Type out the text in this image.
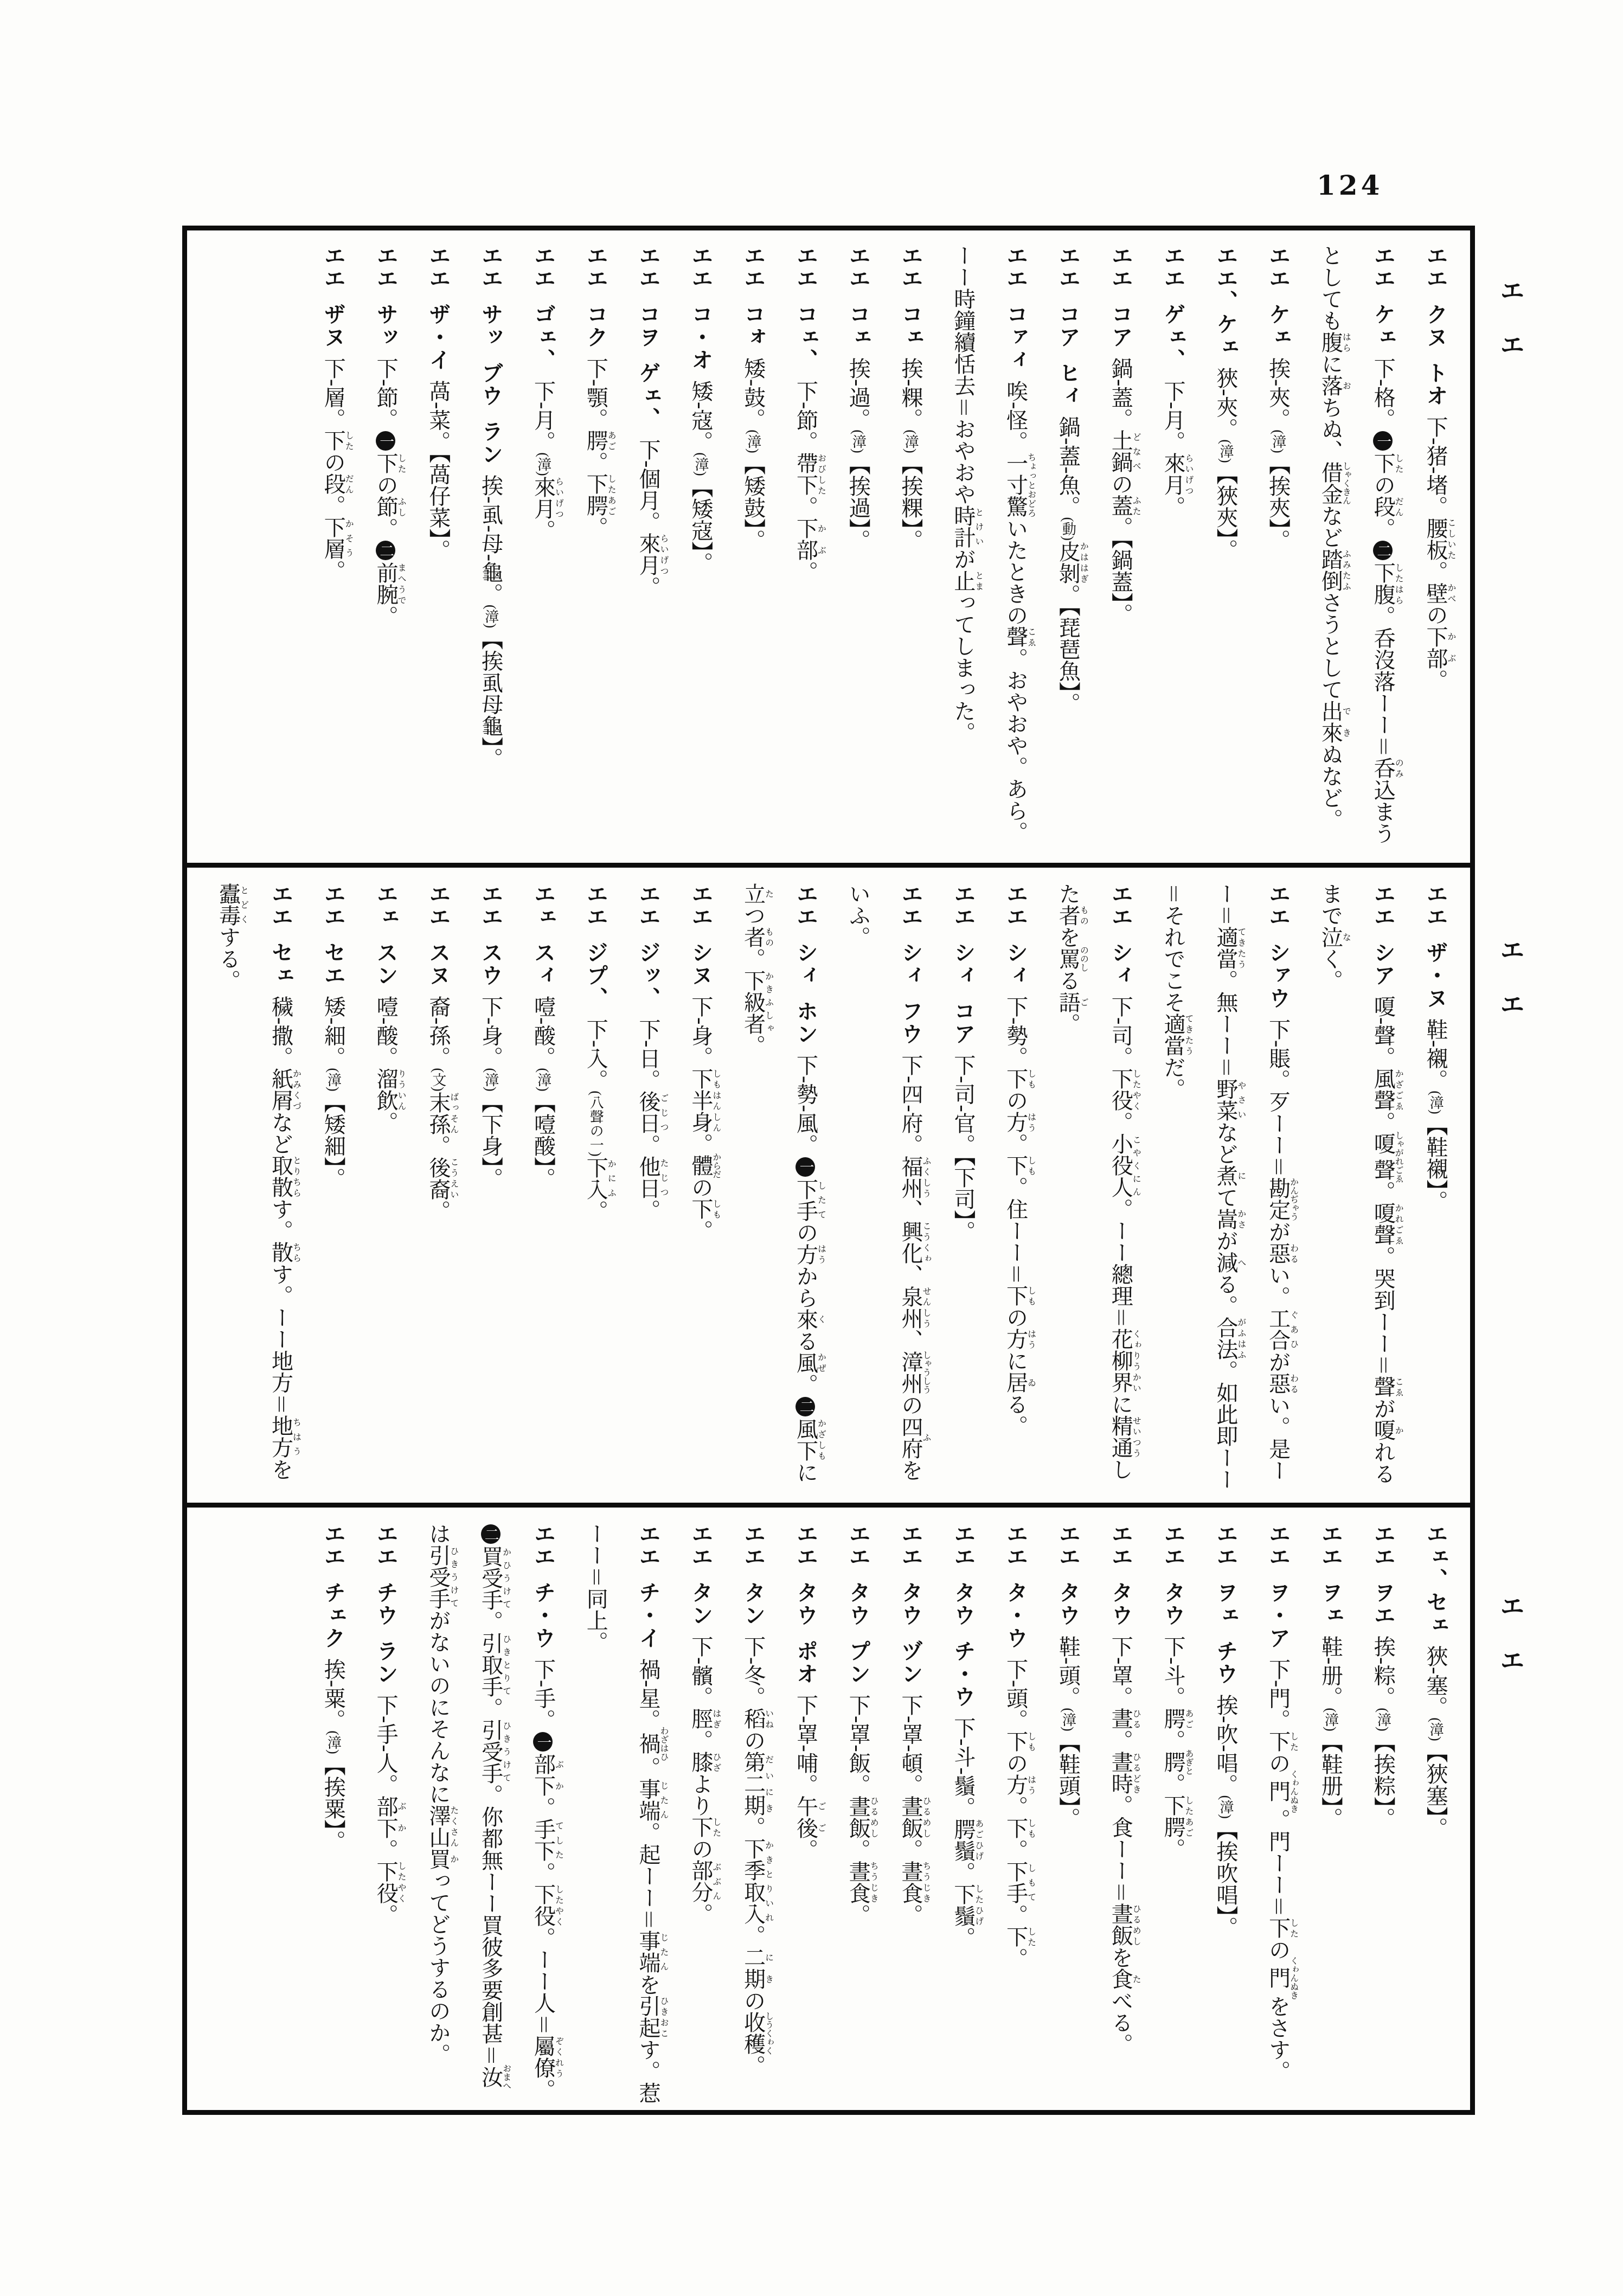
124
エエ
エエ
エエ
エエ クヌ トオ下-猪-堵。腰板こしいた。壁かべの下部かぶ。
エエ ケェ下-格。一下したの段だん。二下腹したはら。呑沒落ーー＝呑のみ込まうとしても腹はらに落おちぬ、借金しゃくきんなど踏倒ふみたふさうとして出來できぬなど。
エエ ケェ挨-夾。(漳)【挨夾】。
エエ、ケェ狹-夾。(漳)【狹夾】。
エエ ゲェ、下-月。來月らいげつ。
エエ コア鍋-蓋。土鍋どなべの蓋ふた。【鍋蓋】。
エエ コア ヒィ鍋-蓋-魚。(動)皮剝かははぎ。【琵琶魚】。
エエ コァィ唉-怪。一寸驚ちょっとおどろいたときの聲こゑ。おやおや。あら。ーー時鐘續恬去＝おやおや時計とけいが止とまってしまった。
エエ コェ挨-粿。(漳)【挨粿】。
エエ コェ挨-過。(漳)【挨過】。
エエ コェ、下-節。帶下おびした。下部かぶ。
エエ コォ矮-鼓。(漳)【矮鼓】。
エエ コ・オ矮-寇。(漳)【矮寇】。
エエ コヲ ゲェ、下-個月。來月らいげつ。
エエ コク下-顎。腭あご。下腭したあご。
エエ ゴェ、下-月。(漳)來月らいげつ。
エエ サッ ブウ ラン挨-虱-母-龜。(漳)【挨虱母龜】。
エエ ザ・イ萵-菜。【萵仔菜】。
エエ サッ下-節。一下したの節ふし。二前腕まへうで。
エエ ザヌ下-層。下したの段だん。下層かそう。
エエ ザ・ヌ鞋-襯。(漳)【鞋襯】。
エエ シア嗄-聲。風聲かざごゑ。嗄聲しゃがれごゑ。嗄聲かれごゑ。哭到ーー＝聲こゑが嗄かれるまで泣なく。
エエ シァウ下-賬。歹ーー＝勘定かんぢゃうが惡わるい。工合ぐあひが惡わるい。是ーー＝適當てきたう。無ーー＝野菜やさいなど煮にて嵩かさが減へる。合法がふはふ。如此即ーー＝それでこそ適當てきたうだ。
エエ シィ下-司。下役したやく。小役人こやくにん。ーー總理＝花柳界くゎりうかいに精通せいつうした者ものを罵ののしる語ご。
エエ シィ下-勢。下しもの方はう。下しも。住ーー＝下しもの方はうに居ゐる。
エエ シィ コア下-司-官。【下司】。
エエ シィ フウ下-四-府。福州ふくしう、興化こうくゎ、泉州せんしう、漳州しゃうしうの四府ふをいふ。
エエ シィ ホン下-勢-風。一下手したての方はうから來くる風かぜ。二風下かざしもに立たつ者もの。下級者かきふしゃ。
エエ シヌ下-身。下半身しもはんしん。體からだの下しも。
エエ ジッ、下-日。後日ごじつ。他日たじつ。
エエ ジプ、下-入。(八聲の一)下入かにふ。
エェ スィ噎-酸。(漳)【噎酸】。
エエ スウ下-身。(漳)【下身】。
エエ スヌ裔-孫。(文)末孫ばっそん。後裔こうえい。
エェ スン噎-酸。溜飲りういん。
エエ セエ矮-細。(漳)【矮細】。
エエ セェ穢-撒。紙屑かみくづなど取散とりちらす。散ちらす。ーー地方＝地方ちはうを蠹毒とどくする。
エェ、セェ狹-塞。(漳)【狹塞】。
エエ ヲエ挨-粽。(漳)【挨粽】。
エエ ヲェ鞋-册。(漳)【鞋册】。
エエ ヲ・ア下-門。下したの門くゎんぬき。門ーー＝下したの門くゎんぬきをさす。
エエ ヲェ チウ挨-吹-唱。(漳)【挨吹唱】。
エエ タウ下-斗。腭あご。腭あぎと。下腭したあご。
エエ タウ下-罩。晝ひる。晝時ひるどき。食ーー＝晝飯ひるめしを食たべる。
エエ タウ鞋-頭。(漳)【鞋頭】。
エエ タ・ウ下-頭。下しもの方はう。下しも。下手しもて。下した。
エエ タウ チ・ウ下-斗-鬚。腭鬚あごひげ。下鬚したひげ。
エエ タウ ヅン下-罩-頓。晝飯ひるめし。晝食ちうじき。
エエ タウ プン下-罩-飯。晝飯ひるめし。晝食ちうじき。
エエ タウ ポオ下-罩-哺。午後ごご。
エエ タン下-冬。稻いねの第二期だいにき。下季取入かきとりいれ。二期にきの收穫しうくゎく。
エエ タン下-髕。脛はぎ。膝ひざより下したの部分ぶぶん。
エエ チ・イ禍-星。禍わざはひ。事端じたん。起ーー＝事端じたんを引起ひきおこす。惹ーー＝同上。
エエ チ・ウ下-手。一部下ぶか。手下てした。下役したやく。ーー人＝屬僚ぞくれう。二買受手かひうけて。引取手ひきとりて。引受手ひきうけて。你都無ーー買彼多要創甚＝汝おまへは引受手ひきうけてがないのにそんなに澤山たくさん買かってどうするのか。
エエ チウ ラン下-手-人。部下ぶか。下役したやく。
エエ チェク挨-粟。(漳)【挨粟】。
